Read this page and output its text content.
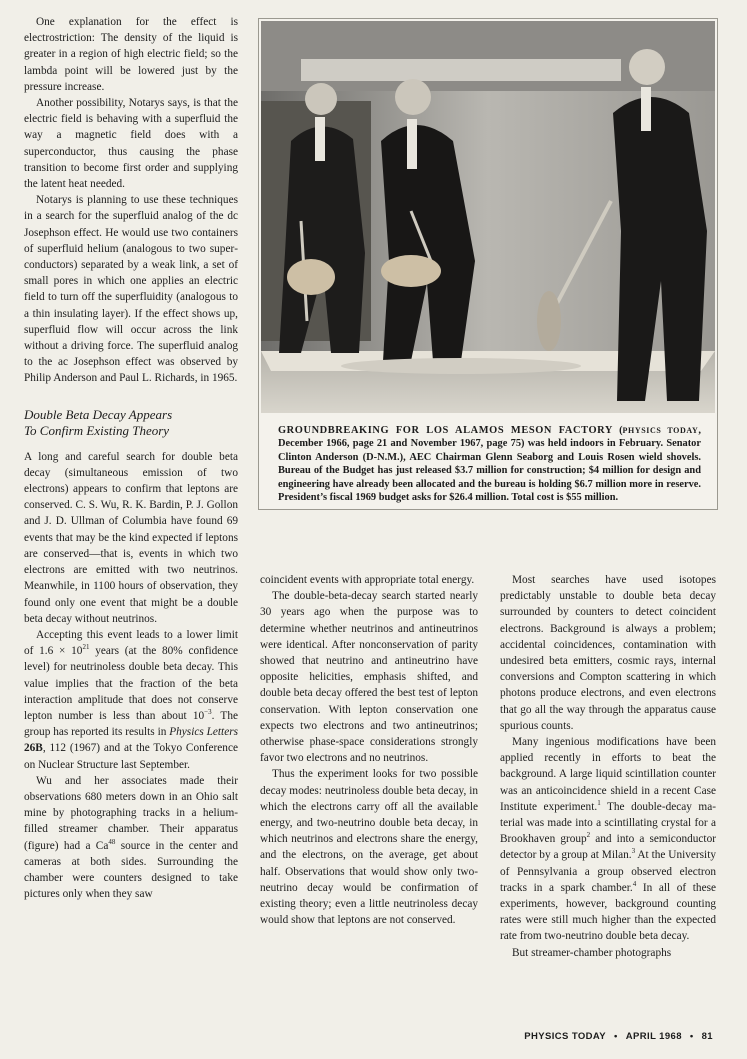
One explanation for the effect is electrostriction: The density of the liquid is greater in a region of high electric field; so the lambda point will be lowered just by the pressure increase.

Another possibility, Notarys says, is that the electric field is behaving with a superfluid the way a magnetic field does with a superconductor, thus causing the phase transition to become first order and supplying the latent heat needed.

Notarys is planning to use these techniques in a search for the superfluid analog of the dc Josephson effect. He would use two containers of superfluid helium (analogous to two superconductors) separated by a weak link, a set of small pores in which one applies an electric field to turn off the superfluidity (analogous to a thin insulating layer). If the effect shows up, superfluid flow will occur across the link without a driving force. The superfluid analog to the ac Josephson effect was observed by Philip Anderson and Paul L. Richards, in 1965.

Double Beta Decay Appears
To Confirm Existing Theory

A long and careful search for double beta decay (simultaneous emission of two electrons) appears to confirm that leptons are conserved. C. S. Wu, R. K. Bardin, P. J. Gollon and J. D. Ullman of Columbia have found 69 events that may be the kind expected if leptons are conserved—that is, events in which two electrons are emitted with two neutrinos. Meanwhile, in 1100 hours of observation, they found only one event that might be a double beta decay without neutrinos.

Accepting this event leads to a lower limit of $1.6 \times 10^{21}$ years (at the 80% confidence level) for neutrinoless double beta decay. This value implies that the fraction of the beta interaction amplitude that does not conserve lepton number is less than about $10^{-3}$. The group has reported its results in Physics Letters 26B, 112 (1967) and at the Tokyo Conference on Nuclear Structure last September.

Wu and her associates made their observations 680 meters down in an Ohio salt mine by photographing tracks in a helium-filled streamer chamber. Their apparatus (figure) had a Ca$^{48}$ source in the center and cameras at both sides. Surrounding the chamber were counters designed to take pictures only when they saw

GROUNDBREAKING FOR LOS ALAMOS MESON FACTORY (PHYSICS TODAY, December 1966, page 21 and November 1967, page 75) was held indoors in February. Senator Clinton Anderson (D-N.M.), AEC Chairman Glenn Seaborg and Louis Rosen wield shovels. Bureau of the Budget has just released $3.7 million for construction; $4 million for design and engineering have already been allocated and the bureau is holding $6.7 million more in reserve. President’s fiscal 1969 budget asks for $26.4 million. Total cost is $55 million.

coincident events with appropriate total energy.

The double-beta-decay search started nearly 30 years ago when the purpose was to determine whether neutrinos and antineutrinos were identical. After nonconservation of parity showed that neutrino and antineutrino have opposite helicities, emphasis shifted, and double beta decay offered the best test of lepton conservation. With lepton conservation one expects two electrons and two antineutrinos; otherwise phase-space considerations strongly favor two electrons and no neutrinos.

Thus the experiment looks for two possible decay modes: neutrinoless double beta decay, in which the electrons carry off all the available energy, and two-neutrino double beta decay, in which neutrinos and electrons share the energy, and the electrons, on the average, get about half. Observations that would show only two-neutrino decay would be confirmation of existing theory; even a little neutrinoless decay would show that leptons are not conserved.

Most searches have used isotopes predictably unstable to double beta decay surrounded by counters to detect coincident electrons. Background is always a problem; accidental coincidences, contamination with undesired beta emitters, cosmic rays, internal conversions and Compton scattering in which photons produce electrons, and even electrons that go all the way through the apparatus cause spurious counts.

Many ingenious modifications have been applied recently in efforts to beat the background. A large liquid scintillation counter was an anticoincidence shield in a recent Case Institute experiment.$^1$ The double-decay material was made into a scintillating crystal for a Brookhaven group$^2$ and into a semiconductor detector by a group at Milan.$^3$ At the University of Pennsylvania a group observed electron tracks in a spark chamber.$^4$ In all of these experiments, however, background counting rates were still much higher than the expected rate from two-neutrino double beta decay.

But streamer-chamber photographs

PHYSICS TODAY • APRIL 1968 • 81
